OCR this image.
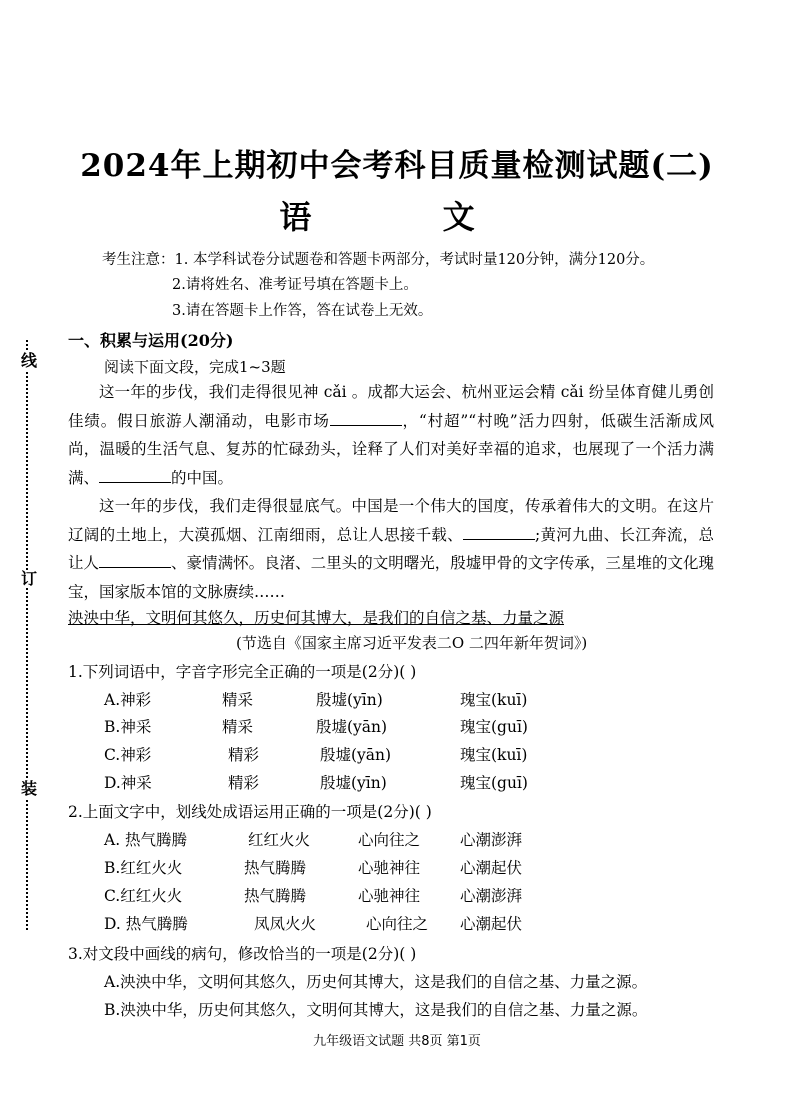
线
订
装
2024年上期初中会考科目质量检测试题(二)
语 文
考生注意：1. 本学科试卷分试题卷和答题卡两部分，考试时量120分钟，满分120分。
2.请将姓名、准考证号填在答题卡上。
3.请在答题卡上作答，答在试卷上无效。
一、积累与运用(20分)
阅读下面文段，完成1~3题

这一年的步伐，我们走得很见神 cǎi 。成都大运会、杭州亚运会精 cǎi 纷呈体育健儿勇创佳绩。假日旅游人潮涌动，电影市场	，“村超”“村晚”活力四射，低碳生活渐成风尚，温暖的生活气息、复苏的忙碌劲头，诠释了人们对美好幸福的追求，也展现了一个活力满满、	的中国。

这一年的步伐，我们走得很显底气。中国是一个伟大的国度，传承着伟大的文明。在这片辽阔的土地上，大漠孤烟、江南细雨，总让人思接千载、	;黄河九曲、长江奔流，总让人	、豪情满怀。良渚、二里头的文明曙光，殷墟甲骨的文字传承，三星堆的文化瑰宝，国家版本馆的文脉赓续……

泱泱中华，文明何其悠久，历史何其博大，是我们的自信之基、力量之源
(节选自《国家主席习近平发表二O 二四年新年贺词》)
1.下列词语中，字音字形完全正确的一项是(2分)( )
A.神彩	精采	殷墟(yīn)	瑰宝(kuī)
B.神采	精采	殷墟(yān)	瑰宝(guī)
C.神彩	精彩	殷墟(yān)	瑰宝(kuī)
D.神采	精彩	殷墟(yīn)	瑰宝(guī)
2.上面文字中，划线处成语运用正确的一项是(2分)( )
A. 热气腾腾	红红火火	心向往之	心潮澎湃
B.红红火火	热气腾腾	心驰神往	心潮起伏
C.红红火火	热气腾腾	心驰神往	心潮澎湃
D. 热气腾腾	凤凤火火	心向往之 心潮起伏
3.对文段中画线的病句，修改恰当的一项是(2分)( )
A.泱泱中华，文明何其悠久，历史何其博大，这是我们的自信之基、力量之源。
B.泱泱中华，历史何其悠久，文明何其博大，这是我们的自信之基、力量之源。
九年级语文试题 共8页 第1页
